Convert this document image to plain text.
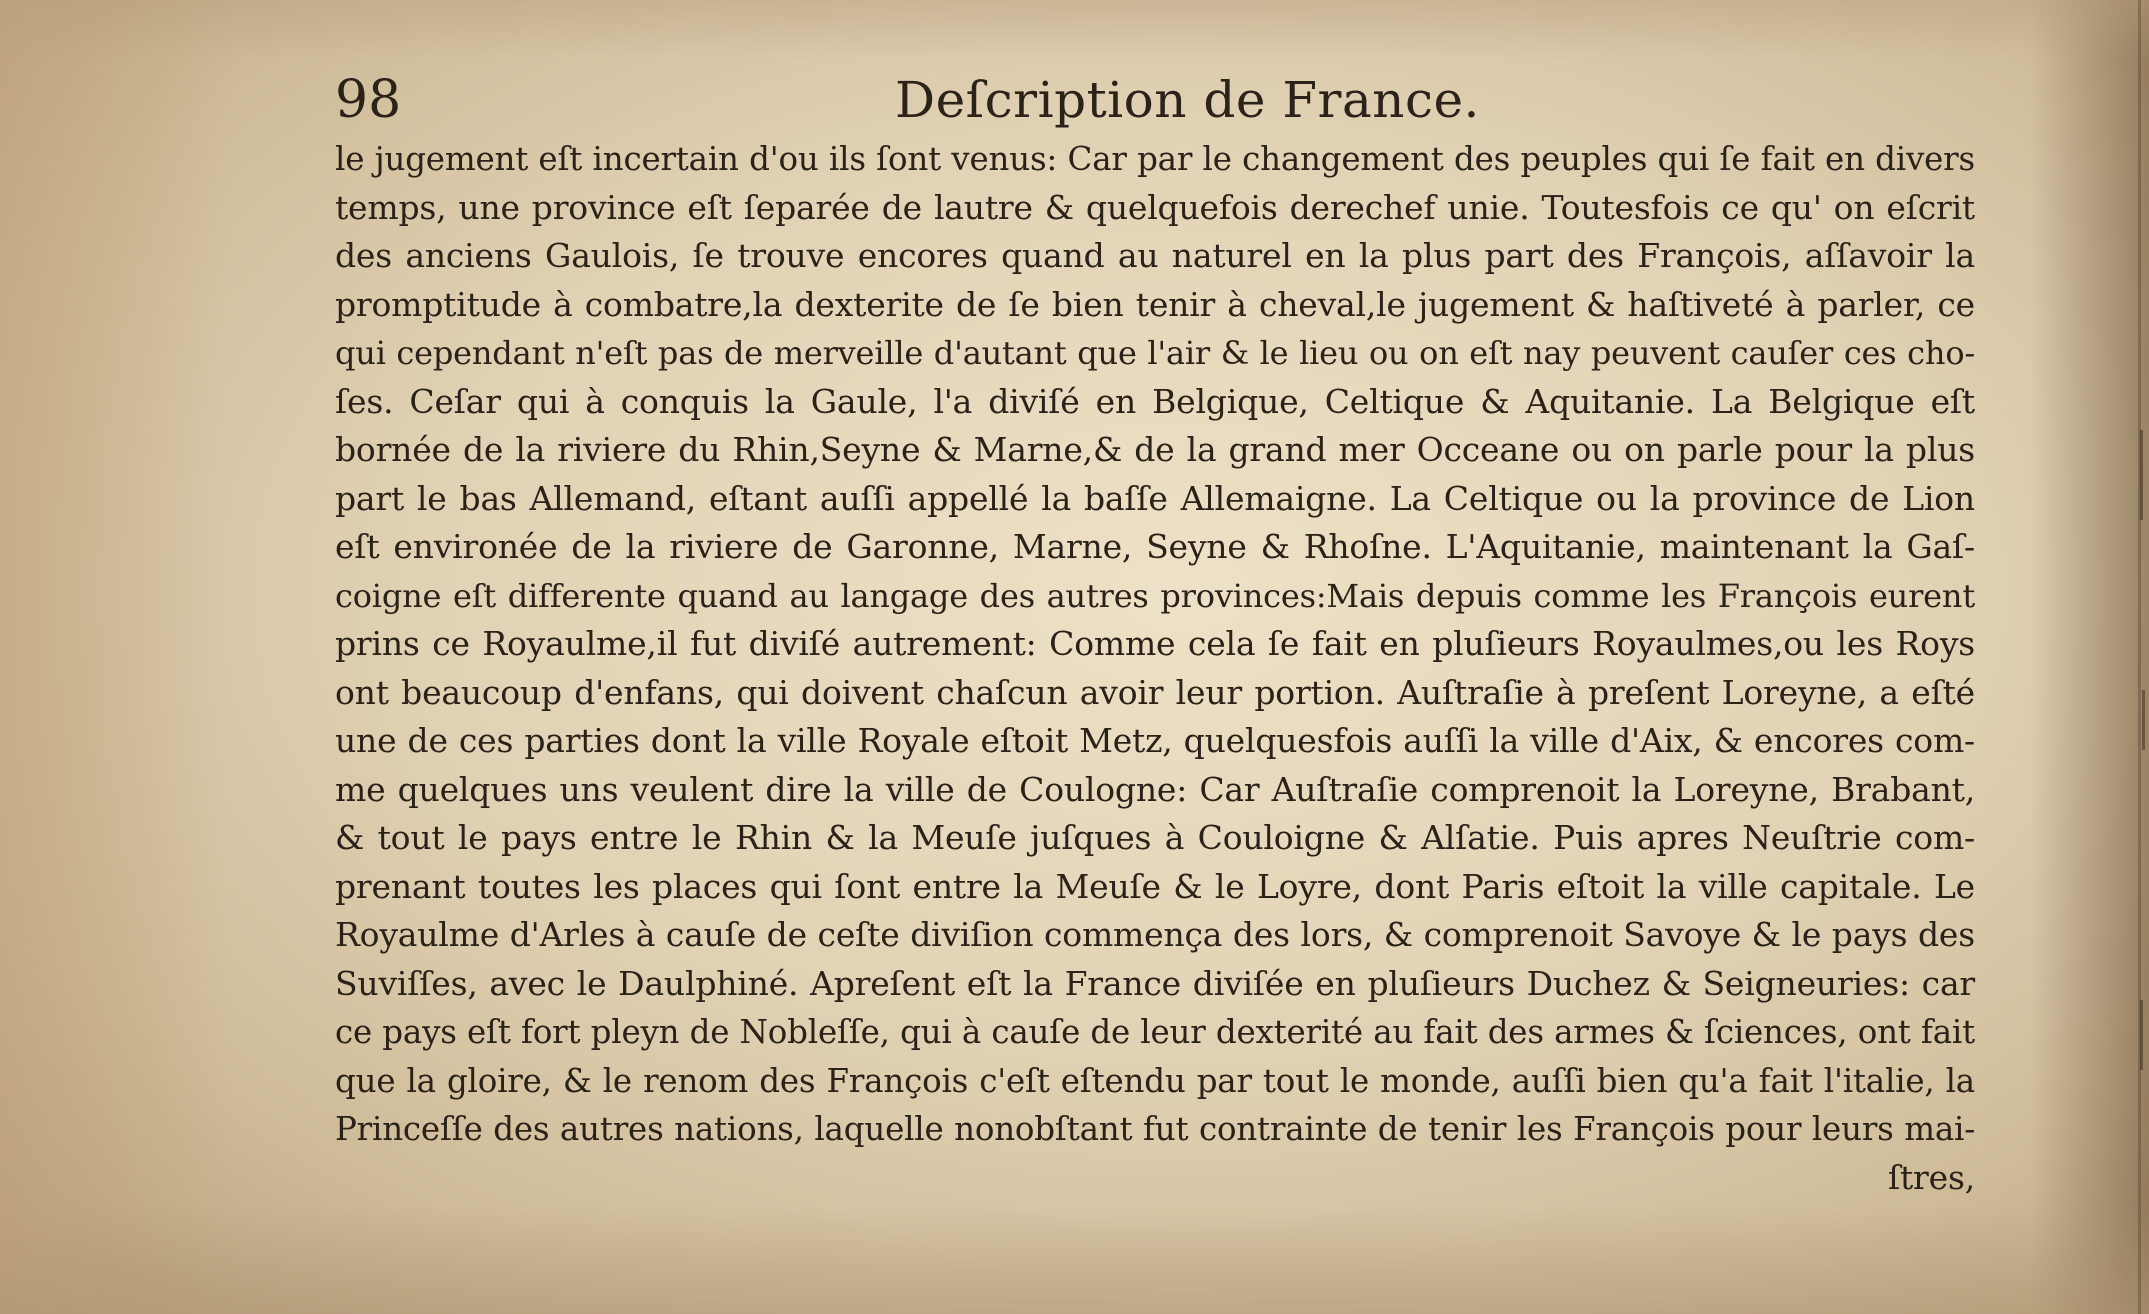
98	Deſcription de France.
le jugement eſt incertain d'ou ils ſont venus: Car par le changement des peuples qui ſe fait en divers
temps, une province eſt ſeparée de lautre & quelquefois derechef unie. Toutesfois ce qu' on eſcrit
des anciens Gaulois, ſe trouve encores quand au naturel en la plus part des François, aſſavoir la
promptitude à combatre,la dexterite de ſe bien tenir à cheval,le jugement & haſtiveté à parler, ce
qui cependant n'eſt pas de merveille d'autant que l'air & le lieu ou on eſt nay peuvent cauſer ces cho-
ſes. Ceſar qui à conquis la Gaule, l'a diviſé en Belgique, Celtique & Aquitanie. La Belgique eſt
bornée de la riviere du Rhin,Seyne & Marne,& de la grand mer Occeane ou on parle pour la plus
part le bas Allemand, eſtant auſſi appellé la baſſe Allemaigne. La Celtique ou la province de Lion
eſt environée de la riviere de Garonne, Marne, Seyne & Rhoſne. L'Aquitanie, maintenant la Gaſ-
coigne eſt differente quand au langage des autres provinces:Mais depuis comme les François eurent
prins ce Royaulme,il fut diviſé autrement: Comme cela ſe fait en pluſieurs Royaulmes,ou les Roys
ont beaucoup d'enfans, qui doivent chaſcun avoir leur portion. Auſtraſie à preſent Loreyne, a eſté
une de ces parties dont la ville Royale eſtoit Metz, quelquesfois auſſi la ville d'Aix, & encores com-
me quelques uns veulent dire la ville de Coulogne: Car Auſtraſie comprenoit la Loreyne, Brabant,
& tout le pays entre le Rhin & la Meuſe juſques à Couloigne & Alſatie. Puis apres Neuſtrie com-
prenant toutes les places qui ſont entre la Meuſe & le Loyre, dont Paris eſtoit la ville capitale. Le
Royaulme d'Arles à cauſe de ceſte diviſion commença des lors, & comprenoit Savoye & le pays des
Suviſſes, avec le Daulphiné. Apreſent eſt la France diviſée en pluſieurs Duchez & Seigneuries: car
ce pays eſt fort pleyn de Nobleſſe, qui à cauſe de leur dexterité au fait des armes & ſciences, ont fait
que la gloire, & le renom des François c'eſt eſtendu par tout le monde, auſſi bien qu'a fait l'italie, la
Princeſſe des autres nations, laquelle nonobſtant fut contrainte de tenir les François pour leurs mai-
ſtres,
